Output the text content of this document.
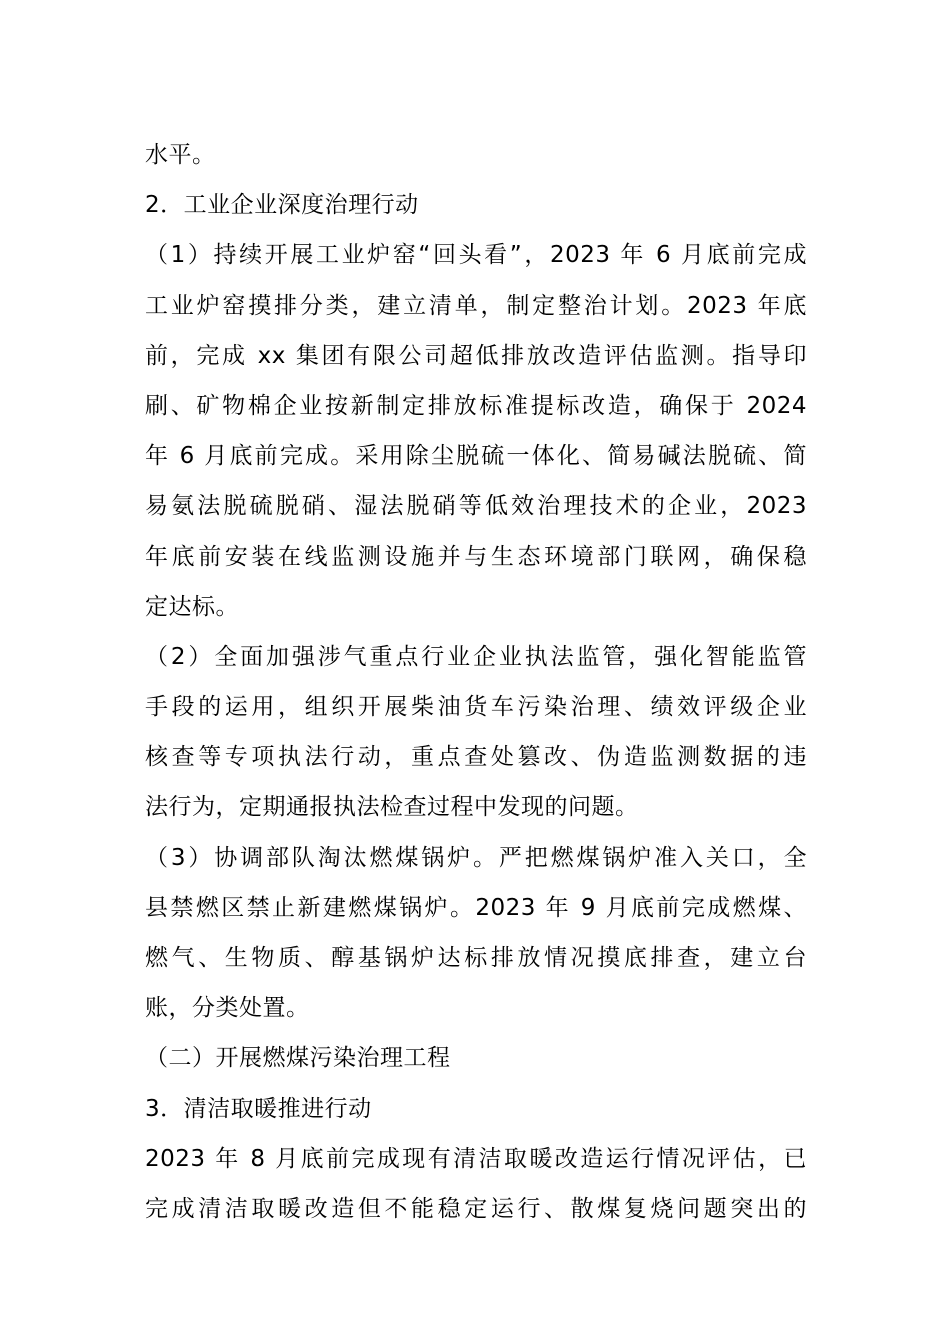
水平。
2．工业企业深度治理行动
（1）持续开展工业炉窑“回头看”，2023 年 6 月底前完成
工业炉窑摸排分类，建立清单，制定整治计划。2023 年底
前，完成 xx 集团有限公司超低排放改造评估监测。指导印
刷、矿物棉企业按新制定排放标准提标改造，确保于 2024
年 6 月底前完成。采用除尘脱硫一体化、简易碱法脱硫、简
易氨法脱硫脱硝、湿法脱硝等低效治理技术的企业，2023
年底前安装在线监测设施并与生态环境部门联网，确保稳
定达标。
（2）全面加强涉气重点行业企业执法监管，强化智能监管
手段的运用，组织开展柴油货车污染治理、绩效评级企业
核查等专项执法行动，重点查处篡改、伪造监测数据的违
法行为，定期通报执法检查过程中发现的问题。
（3）协调部队淘汰燃煤锅炉。严把燃煤锅炉准入关口，全
县禁燃区禁止新建燃煤锅炉。2023 年 9 月底前完成燃煤、
燃气、生物质、醇基锅炉达标排放情况摸底排查，建立台
账，分类处置。
（二）开展燃煤污染治理工程
3．清洁取暖推进行动
2023 年 8 月底前完成现有清洁取暖改造运行情况评估，已
完成清洁取暖改造但不能稳定运行、散煤复烧问题突出的
